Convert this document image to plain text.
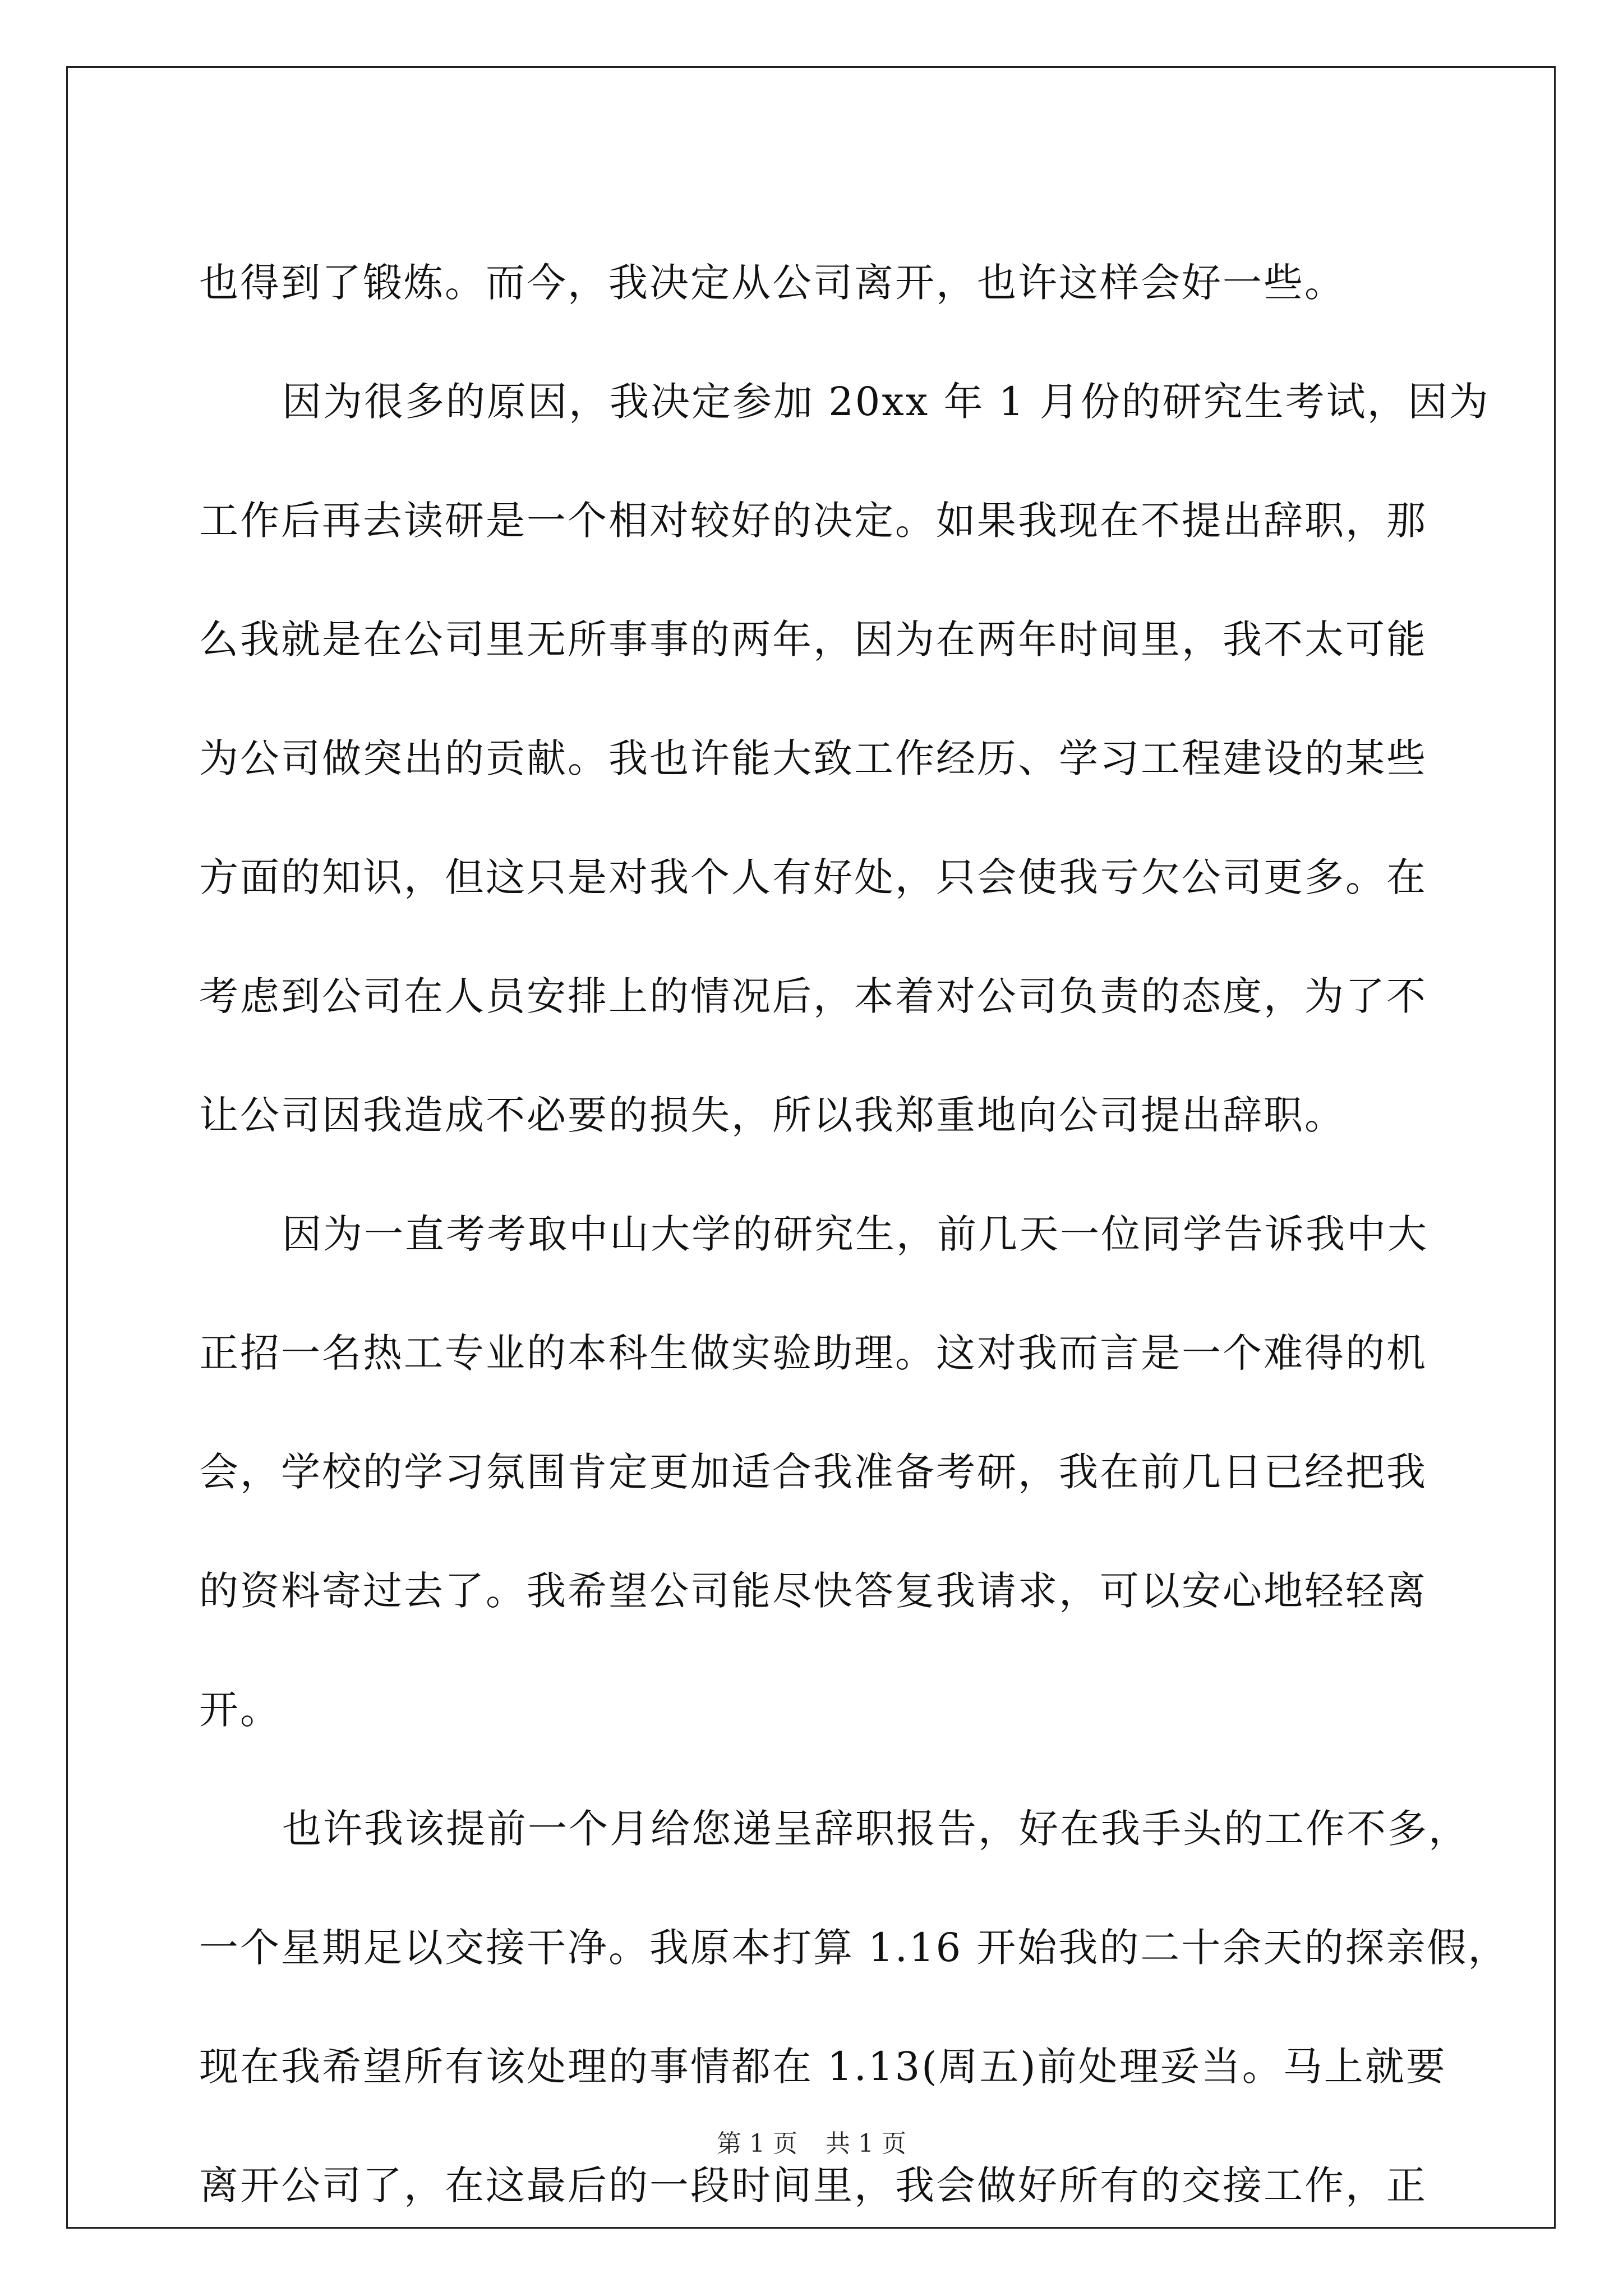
也得到了锻炼。而今，我决定从公司离开，也许这样会好一些。
因为很多的原因，我决定参加 20xx 年 1 月份的研究生考试，因为
工作后再去读研是一个相对较好的决定。如果我现在不提出辞职，那
么我就是在公司里无所事事的两年，因为在两年时间里，我不太可能
为公司做突出的贡献。我也许能大致工作经历、学习工程建设的某些
方面的知识，但这只是对我个人有好处，只会使我亏欠公司更多。在
考虑到公司在人员安排上的情况后，本着对公司负责的态度，为了不
让公司因我造成不必要的损失，所以我郑重地向公司提出辞职。
因为一直考考取中山大学的研究生，前几天一位同学告诉我中大
正招一名热工专业的本科生做实验助理。这对我而言是一个难得的机
会，学校的学习氛围肯定更加适合我准备考研，我在前几日已经把我
的资料寄过去了。我希望公司能尽快答复我请求，可以安心地轻轻离
开。
也许我该提前一个月给您递呈辞职报告，好在我手头的工作不多，
一个星期足以交接干净。我原本打算 1.16 开始我的二十余天的探亲假，
现在我希望所有该处理的事情都在 1.13(周五)前处理妥当。马上就要
离开公司了，在这最后的一段时间里，我会做好所有的交接工作，正
第 1 页 共 1 页
